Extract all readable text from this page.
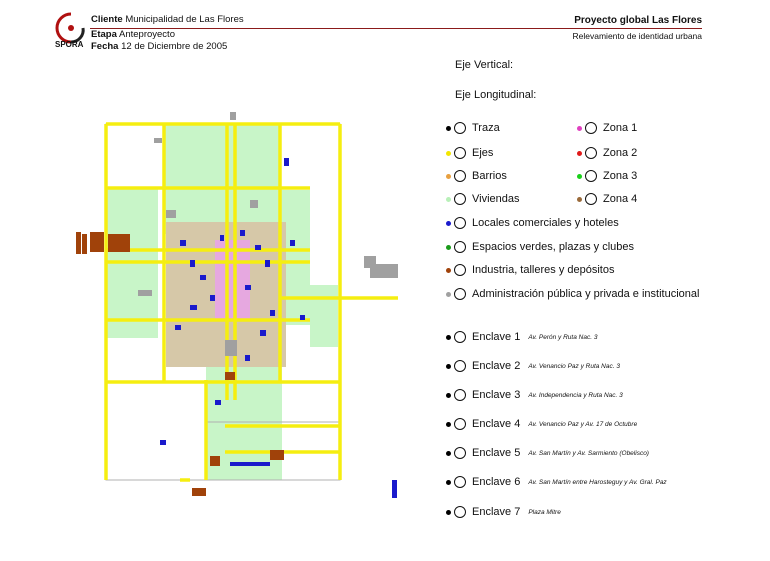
SPORA
Cliente Municipalidad de Las Flores
Etapa Anteproyecto
Fecha 12 de Diciembre de 2005
Proyecto global Las Flores
Relevamiento de identidad urbana
Eje Vertical:
Eje Longitudinal:
Traza
Ejes
Barrios
Viviendas
Locales comerciales y hoteles
Espacios verdes, plazas y clubes
Industria, talleres y depósitos
Administración pública y privada e institucional
Zona 1
Zona 2
Zona 3
Zona 4
Enclave 1 Av. Perón y Ruta Nac. 3
Enclave 2 Av. Venancio Paz y Ruta Nac. 3
Enclave 3 Av. Independencia y Ruta Nac. 3
Enclave 4 Av. Venancio Paz y Av. 17 de Octubre
Enclave 5 Av. San Martín y Av. Sarmiento (Obelisco)
Enclave 6 Av. San Martín entre Harosteguy y Av. Gral. Paz
Enclave 7 Plaza Mitre
